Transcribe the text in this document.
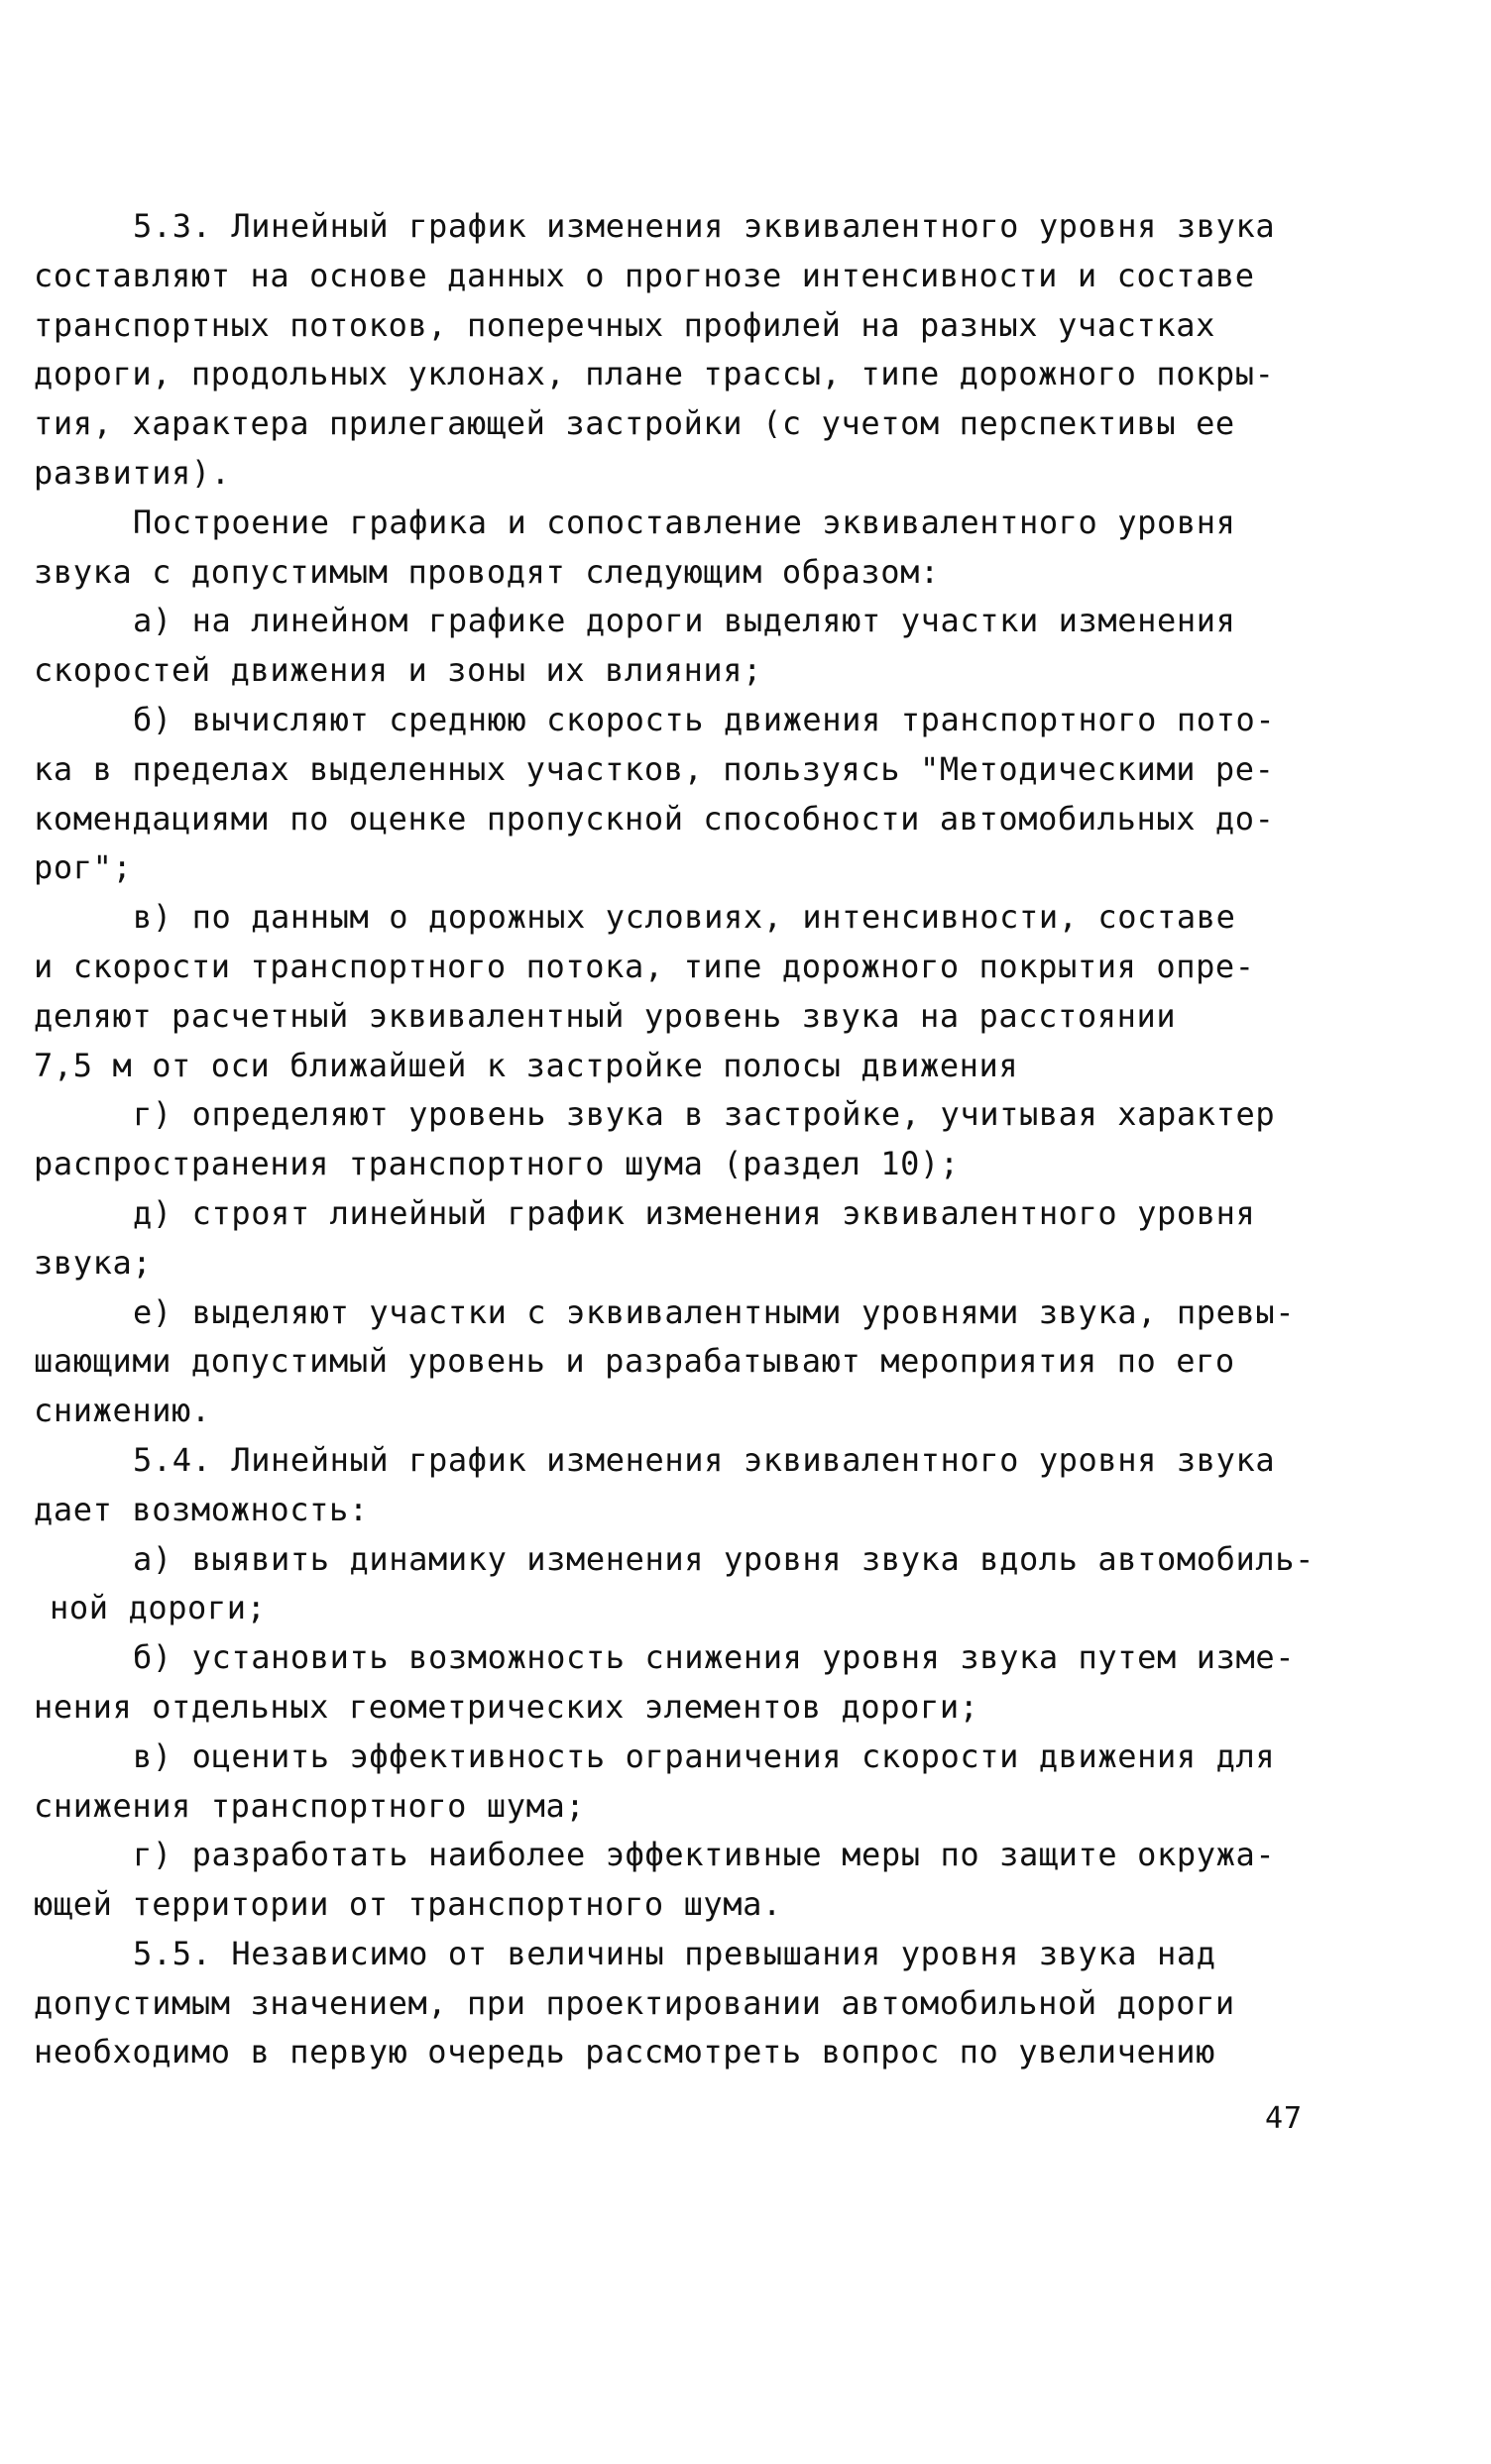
5.3. Линейный график изменения эквивалентного уровня звука
составляют на основе данных о прогнозе интенсивности и составе
транспортных потоков, поперечных профилей на разных участках
дороги, продольных уклонах, плане трассы, типе дорожного покры-
тия, характера прилегающей застройки (с учетом перспективы ее
развития).
Построение графика и сопоставление эквивалентного уровня
звука с допустимым проводят следующим образом:
а) на линейном графике дороги выделяют участки изменения
скоростей движения и зоны их влияния;
б) вычисляют среднюю скорость движения транспортного пото-
ка в пределах выделенных участков, пользуясь "Методическими ре-
комендациями по оценке пропускной способности автомобильных до-
рог";
в) по данным о дорожных условиях, интенсивности, составе
и скорости транспортного потока, типе дорожного покрытия опре-
деляют расчетный эквивалентный уровень звука на расстоянии
7,5 м от оси ближайшей к застройке полосы движения
г) определяют уровень звука в застройке, учитывая характер
распространения транспортного шума (раздел 10);
д) строят линейный график изменения эквивалентного уровня
звука;
е) выделяют участки с эквивалентными уровнями звука, превы-
шающими допустимый уровень и разрабатывают мероприятия по его
снижению.
5.4. Линейный график изменения эквивалентного уровня звука
дает возможность:
а) выявить динамику изменения уровня звука вдоль автомобиль-
ной дороги;
б) установить возможность снижения уровня звука путем изме-
нения отдельных геометрических элементов дороги;
в) оценить эффективность ограничения скорости движения для
снижения транспортного шума;
г) разработать наиболее эффективные меры по защите окружа-
ющей территории от транспортного шума.
5.5. Независимо от величины превышания уровня звука над
допустимым значением, при проектировании автомобильной дороги
необходимо в первую очередь рассмотреть вопрос по увеличению
47
